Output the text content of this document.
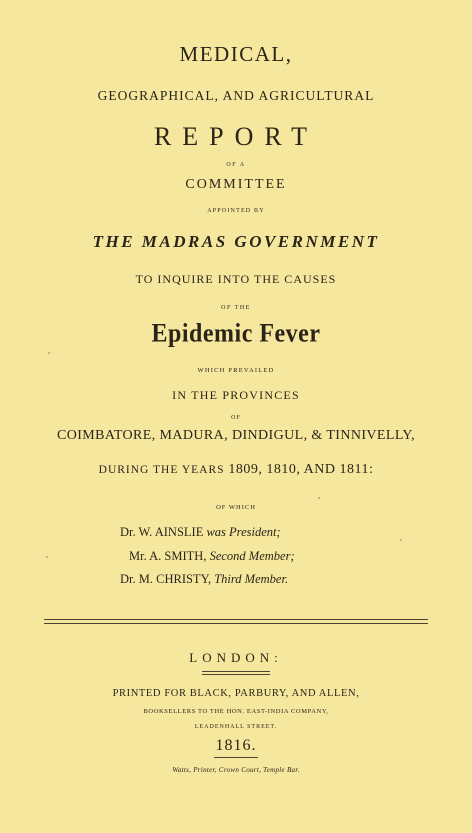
MEDICAL,
GEOGRAPHICAL, AND AGRICULTURAL
REPORT
OF A
COMMITTEE
APPOINTED BY
THE MADRAS GOVERNMENT
TO INQUIRE INTO THE CAUSES
OF THE
Epidemic Fever
WHICH PREVAILED
IN THE PROVINCES
OF
COIMBATORE, MADURA, DINDIGUL, & TINNIVELLY,
DURING THE YEARS 1809, 1810, AND 1811:
OF WHICH
Dr. W. AINSLIE was President;
Mr. A. SMITH, Second Member;
Dr. M. CHRISTY, Third Member.
LONDON:
PRINTED FOR BLACK, PARBURY, AND ALLEN,
BOOKSELLERS TO THE HON. EAST-INDIA COMPANY,
LEADENHALL STREET.
1816.
Watts, Printer, Crown Court, Temple Bar.
